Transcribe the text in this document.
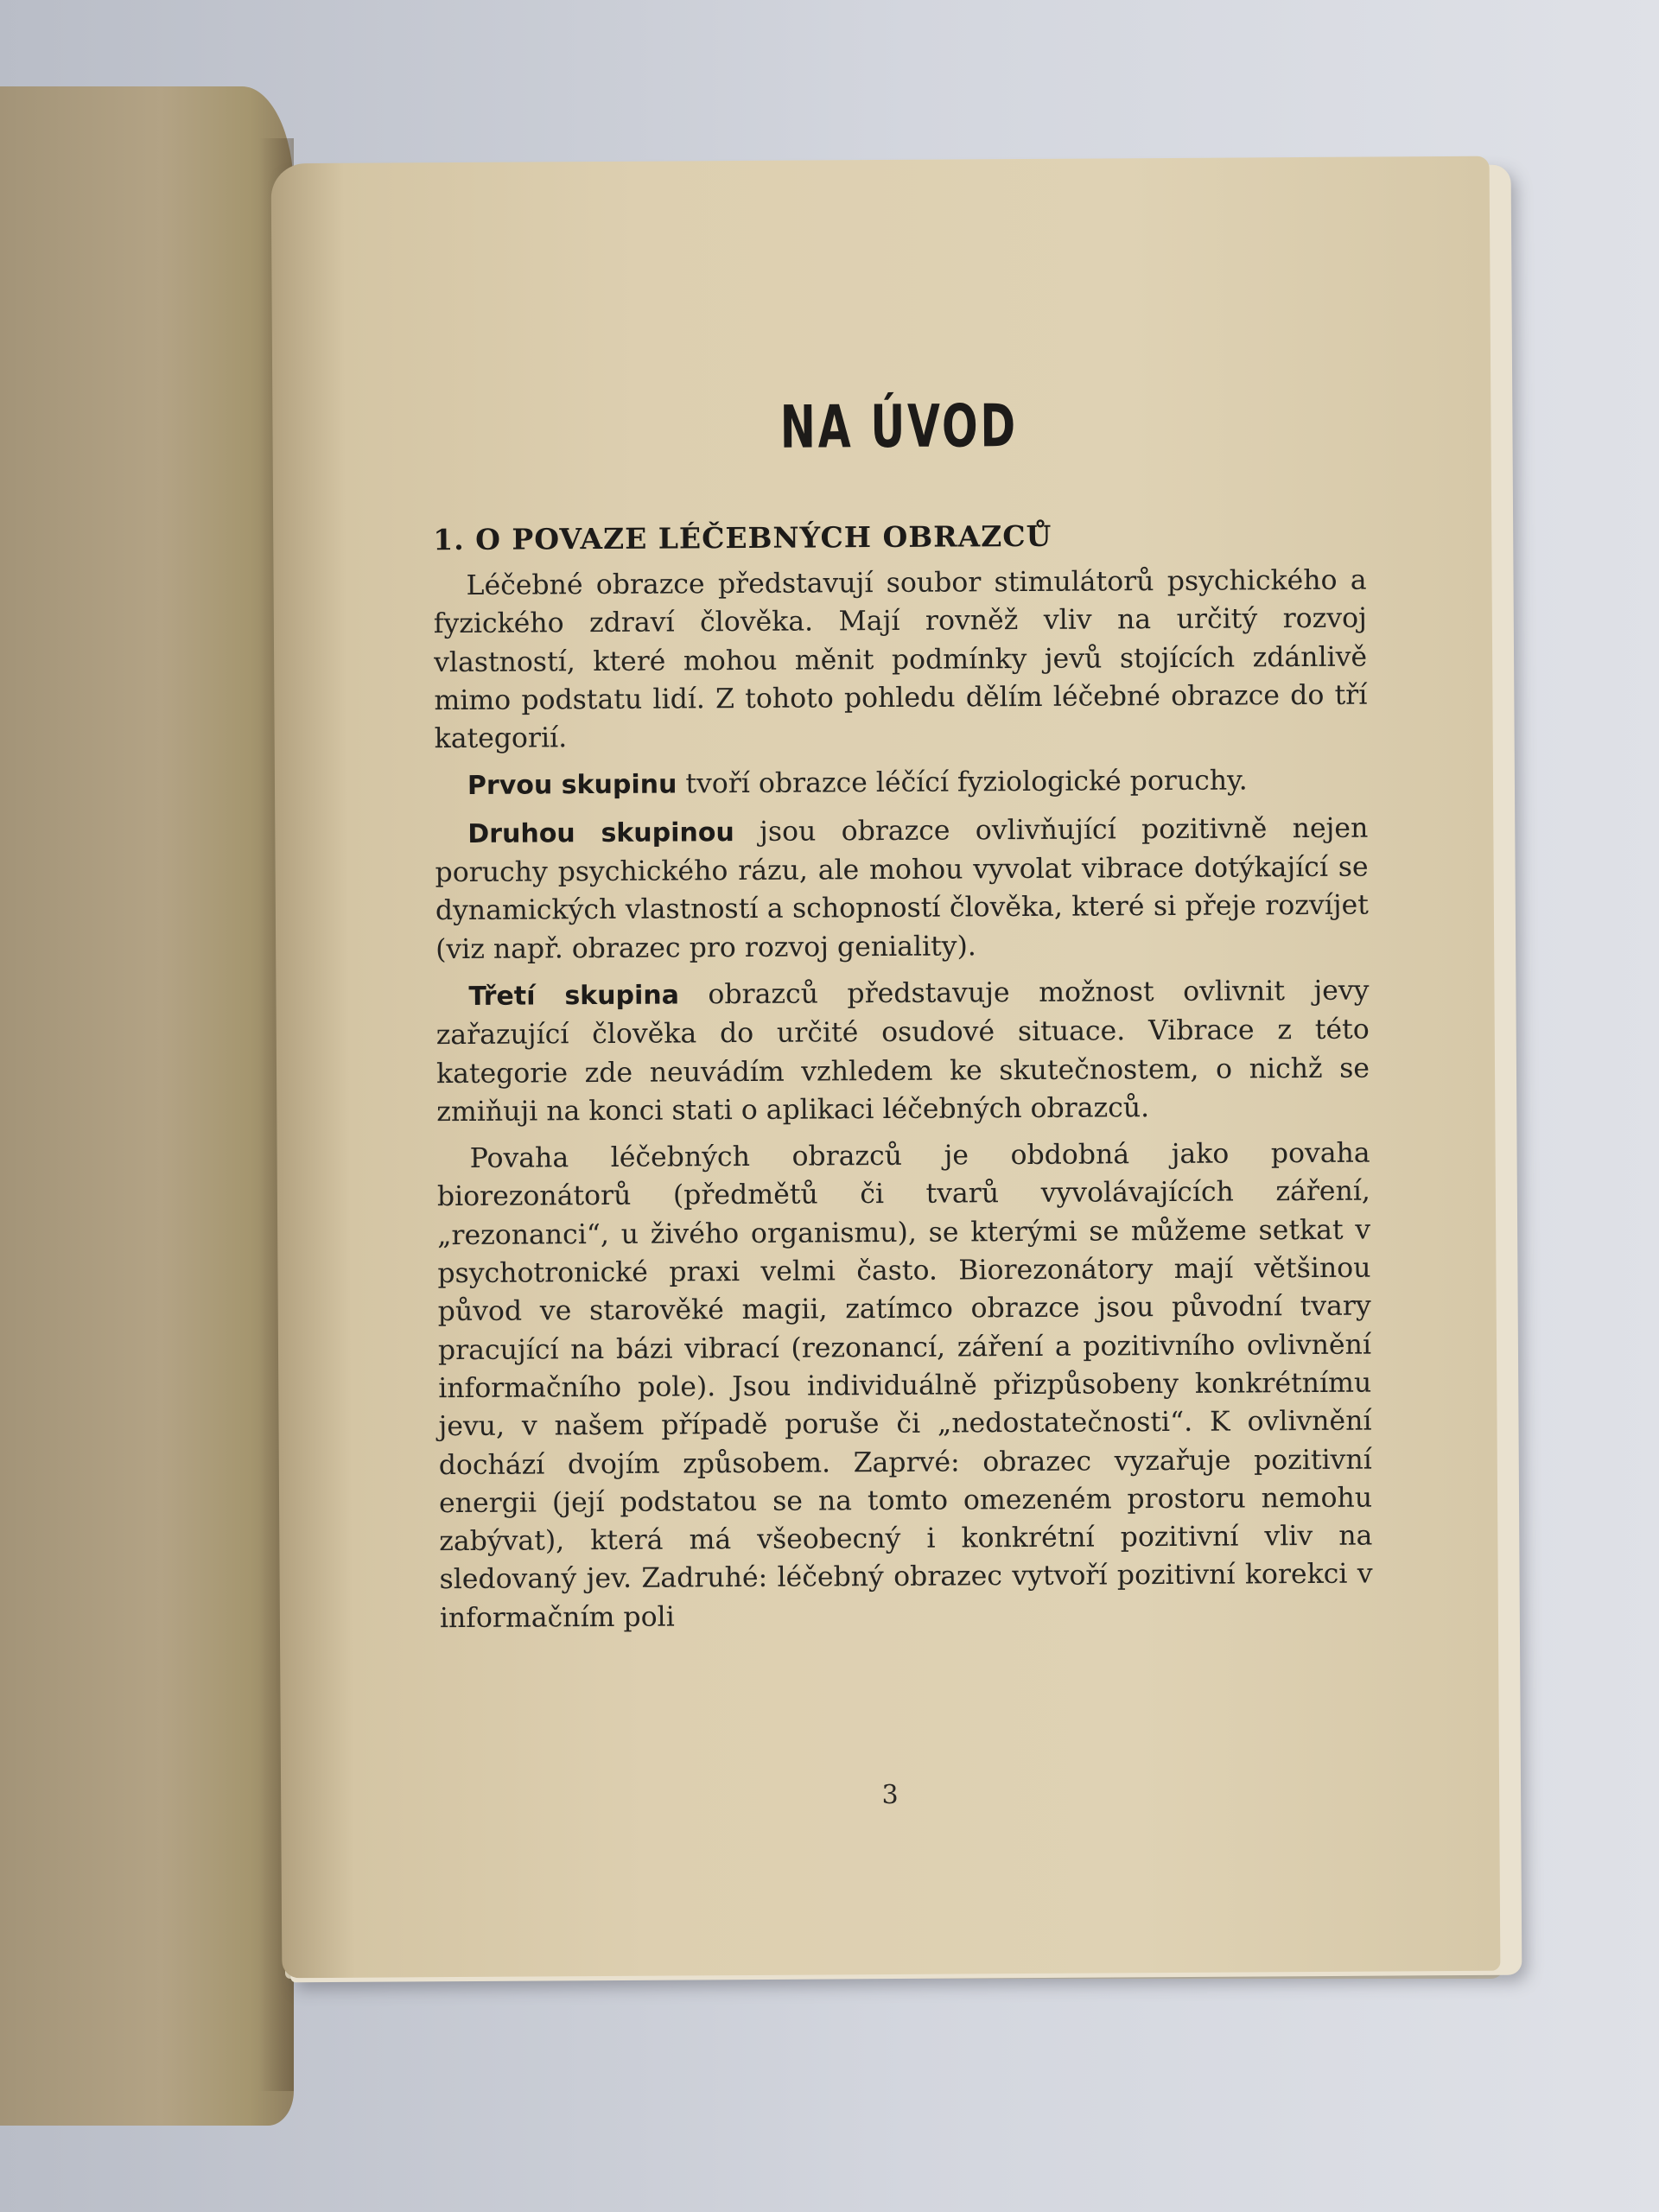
NA ÚVOD
1. O POVAZE LÉČEBNÝCH OBRAZCŮ

Léčebné obrazce představují soubor stimulátorů psychického a fyzického zdraví člověka. Mají rovněž vliv na určitý rozvoj vlastností, které mohou měnit podmínky jevů stojících zdánlivě mimo podstatu lidí. Z tohoto pohledu dělím léčebné obrazce do tří kategorií.

Prvou skupinu tvoří obrazce léčící fyziologické poruchy.

Druhou skupinou jsou obrazce ovlivňující pozitivně nejen poruchy psychického rázu, ale mohou vyvolat vibrace dotýkající se dynamických vlastností a schopností člověka, které si přeje rozvíjet (viz např. obrazec pro rozvoj geniality).

Třetí skupina obrazců představuje možnost ovlivnit jevy zařazující člověka do určité osudové situace. Vibrace z této kategorie zde neuvádím vzhledem ke skutečnostem, o nichž se zmiňuji na konci stati o aplikaci léčebných obrazců.

Povaha léčebných obrazců je obdobná jako povaha biorezonátorů (předmětů či tvarů vyvolávajících záření, „rezonanci“, u živého organismu), se kterými se můžeme setkat v psychotronické praxi velmi často. Biorezonátory mají většinou původ ve starověké magii, zatímco obrazce jsou původní tvary pracující na bázi vibrací (rezonancí, záření a pozitivního ovlivnění informačního pole). Jsou individuálně přizpůsobeny konkrétnímu jevu, v našem případě poruše či „nedostatečnosti“. K ovlivnění dochází dvojím způsobem. Zaprvé: obrazec vyzařuje pozitivní energii (její podstatou se na tomto omezeném prostoru nemohu zabývat), která má všeobecný i konkrétní pozitivní vliv na sledovaný jev. Zadruhé: léčebný obrazec vytvoří pozitivní korekci v informačním poli

3
